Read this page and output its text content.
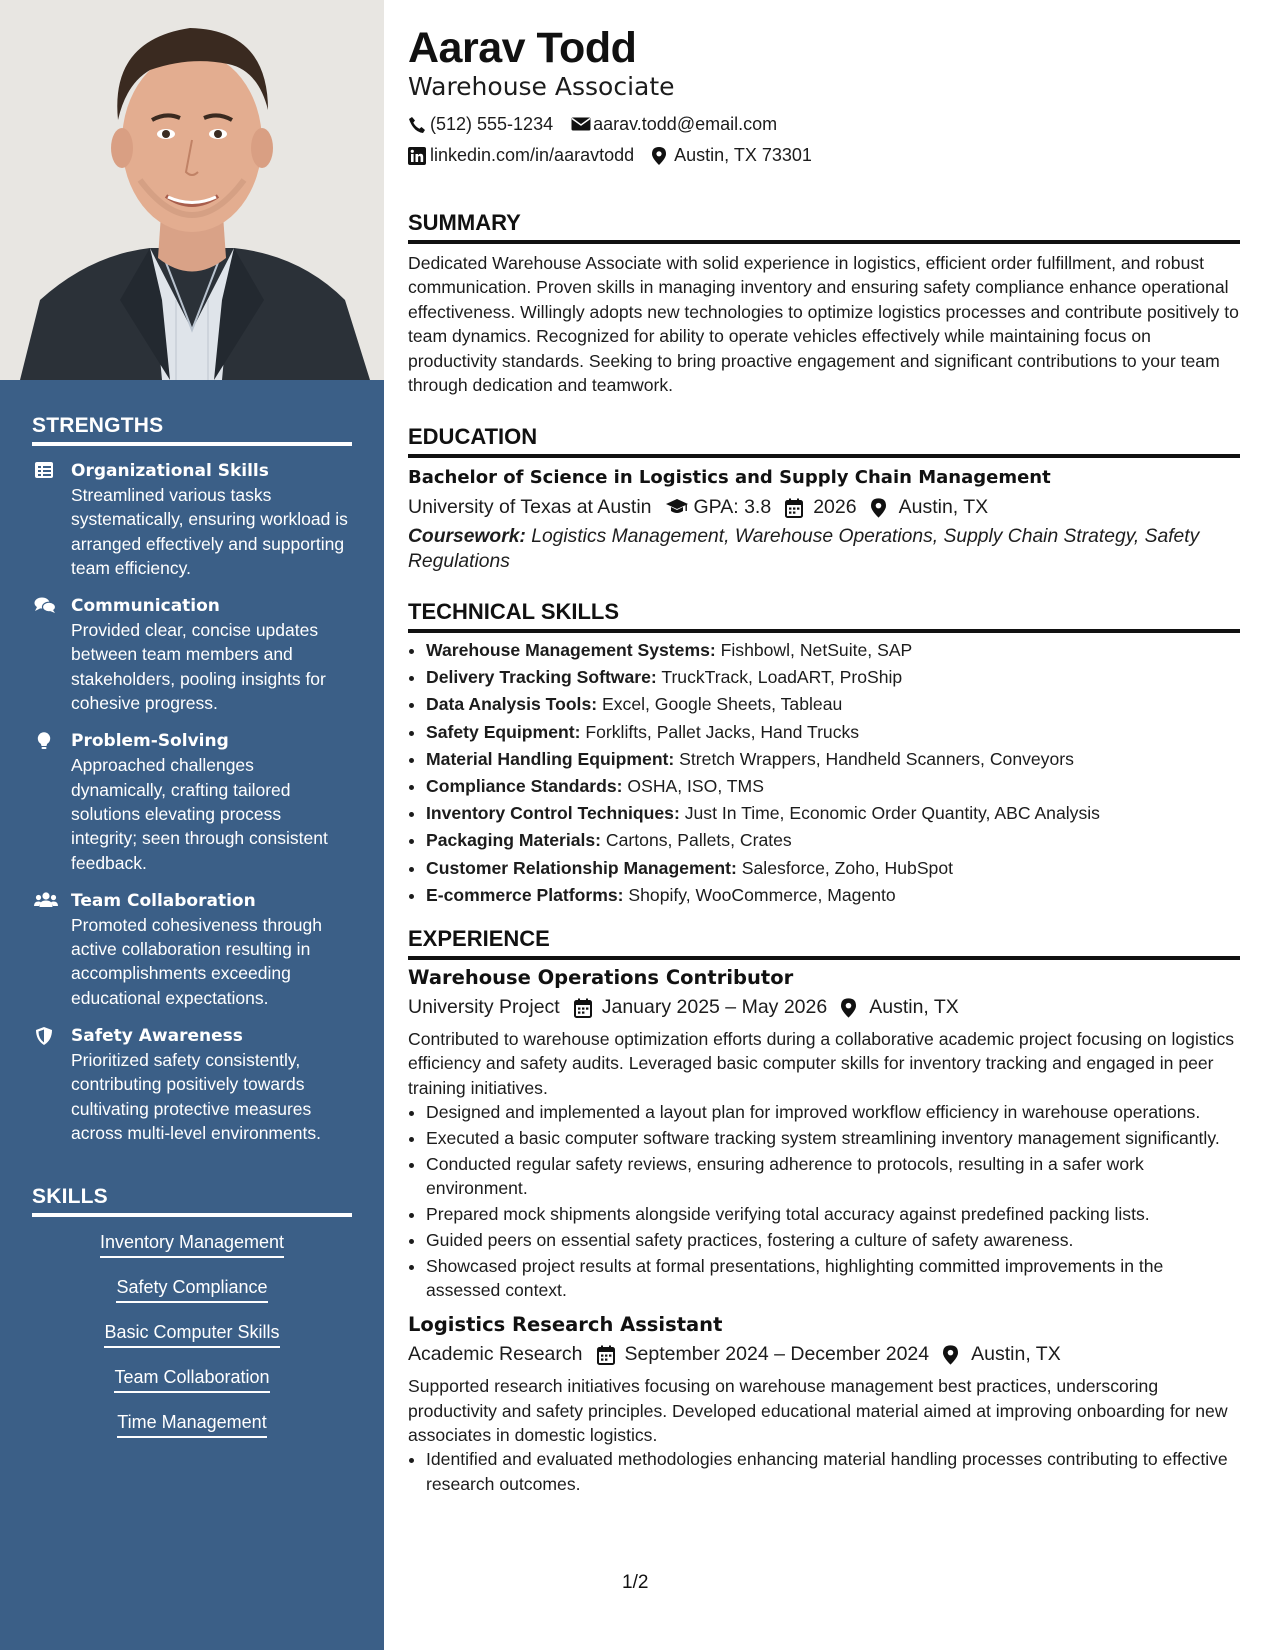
STRENGTHS
Organizational Skills
Streamlined various tasks systematically, ensuring workload is arranged effectively and supporting team efficiency.
Communication
Provided clear, concise updates between team members and stakeholders, pooling insights for cohesive progress.
Problem-Solving
Approached challenges dynamically, crafting tailored solutions elevating process integrity; seen through consistent feedback.
Team Collaboration
Promoted cohesiveness through active collaboration resulting in accomplishments exceeding educational expectations.
Safety Awareness
Prioritized safety consistently, contributing positively towards cultivating protective measures across multi-level environments.
SKILLS
Inventory Management
Safety Compliance
Basic Computer Skills
Team Collaboration
Time Management
Aarav Todd
Warehouse Associate
(512) 555-1234 aarav.todd@email.com
linkedin.com/in/aaravtodd Austin, TX 73301
SUMMARY
Dedicated Warehouse Associate with solid experience in logistics, efficient order fulfillment, and robust communication. Proven skills in managing inventory and ensuring safety compliance enhance operational effectiveness. Willingly adopts new technologies to optimize logistics processes and contribute positively to team dynamics. Recognized for ability to operate vehicles effectively while maintaining focus on productivity standards. Seeking to bring proactive engagement and significant contributions to your team through dedication and teamwork.
EDUCATION
Bachelor of Science in Logistics and Supply Chain Management
University of Texas at Austin GPA: 3.8 2026 Austin, TX
Coursework: Logistics Management, Warehouse Operations, Supply Chain Strategy, Safety Regulations
TECHNICAL SKILLS
• Warehouse Management Systems: Fishbowl, NetSuite, SAP
• Delivery Tracking Software: TruckTrack, LoadART, ProShip
• Data Analysis Tools: Excel, Google Sheets, Tableau
• Safety Equipment: Forklifts, Pallet Jacks, Hand Trucks
• Material Handling Equipment: Stretch Wrappers, Handheld Scanners, Conveyors
• Compliance Standards: OSHA, ISO, TMS
• Inventory Control Techniques: Just In Time, Economic Order Quantity, ABC Analysis
• Packaging Materials: Cartons, Pallets, Crates
• Customer Relationship Management: Salesforce, Zoho, HubSpot
• E-commerce Platforms: Shopify, WooCommerce, Magento
EXPERIENCE
Warehouse Operations Contributor
University Project January 2025 – May 2026 Austin, TX
Contributed to warehouse optimization efforts during a collaborative academic project focusing on logistics efficiency and safety audits. Leveraged basic computer skills for inventory tracking and engaged in peer training initiatives.
• Designed and implemented a layout plan for improved workflow efficiency in warehouse operations.
• Executed a basic computer software tracking system streamlining inventory management significantly.
• Conducted regular safety reviews, ensuring adherence to protocols, resulting in a safer work environment.
• Prepared mock shipments alongside verifying total accuracy against predefined packing lists.
• Guided peers on essential safety practices, fostering a culture of safety awareness.
• Showcased project results at formal presentations, highlighting committed improvements in the assessed context.
Logistics Research Assistant
Academic Research September 2024 – December 2024 Austin, TX
Supported research initiatives focusing on warehouse management best practices, underscoring productivity and safety principles. Developed educational material aimed at improving onboarding for new associates in domestic logistics.
• Identified and evaluated methodologies enhancing material handling processes contributing to effective research outcomes.
1/2
